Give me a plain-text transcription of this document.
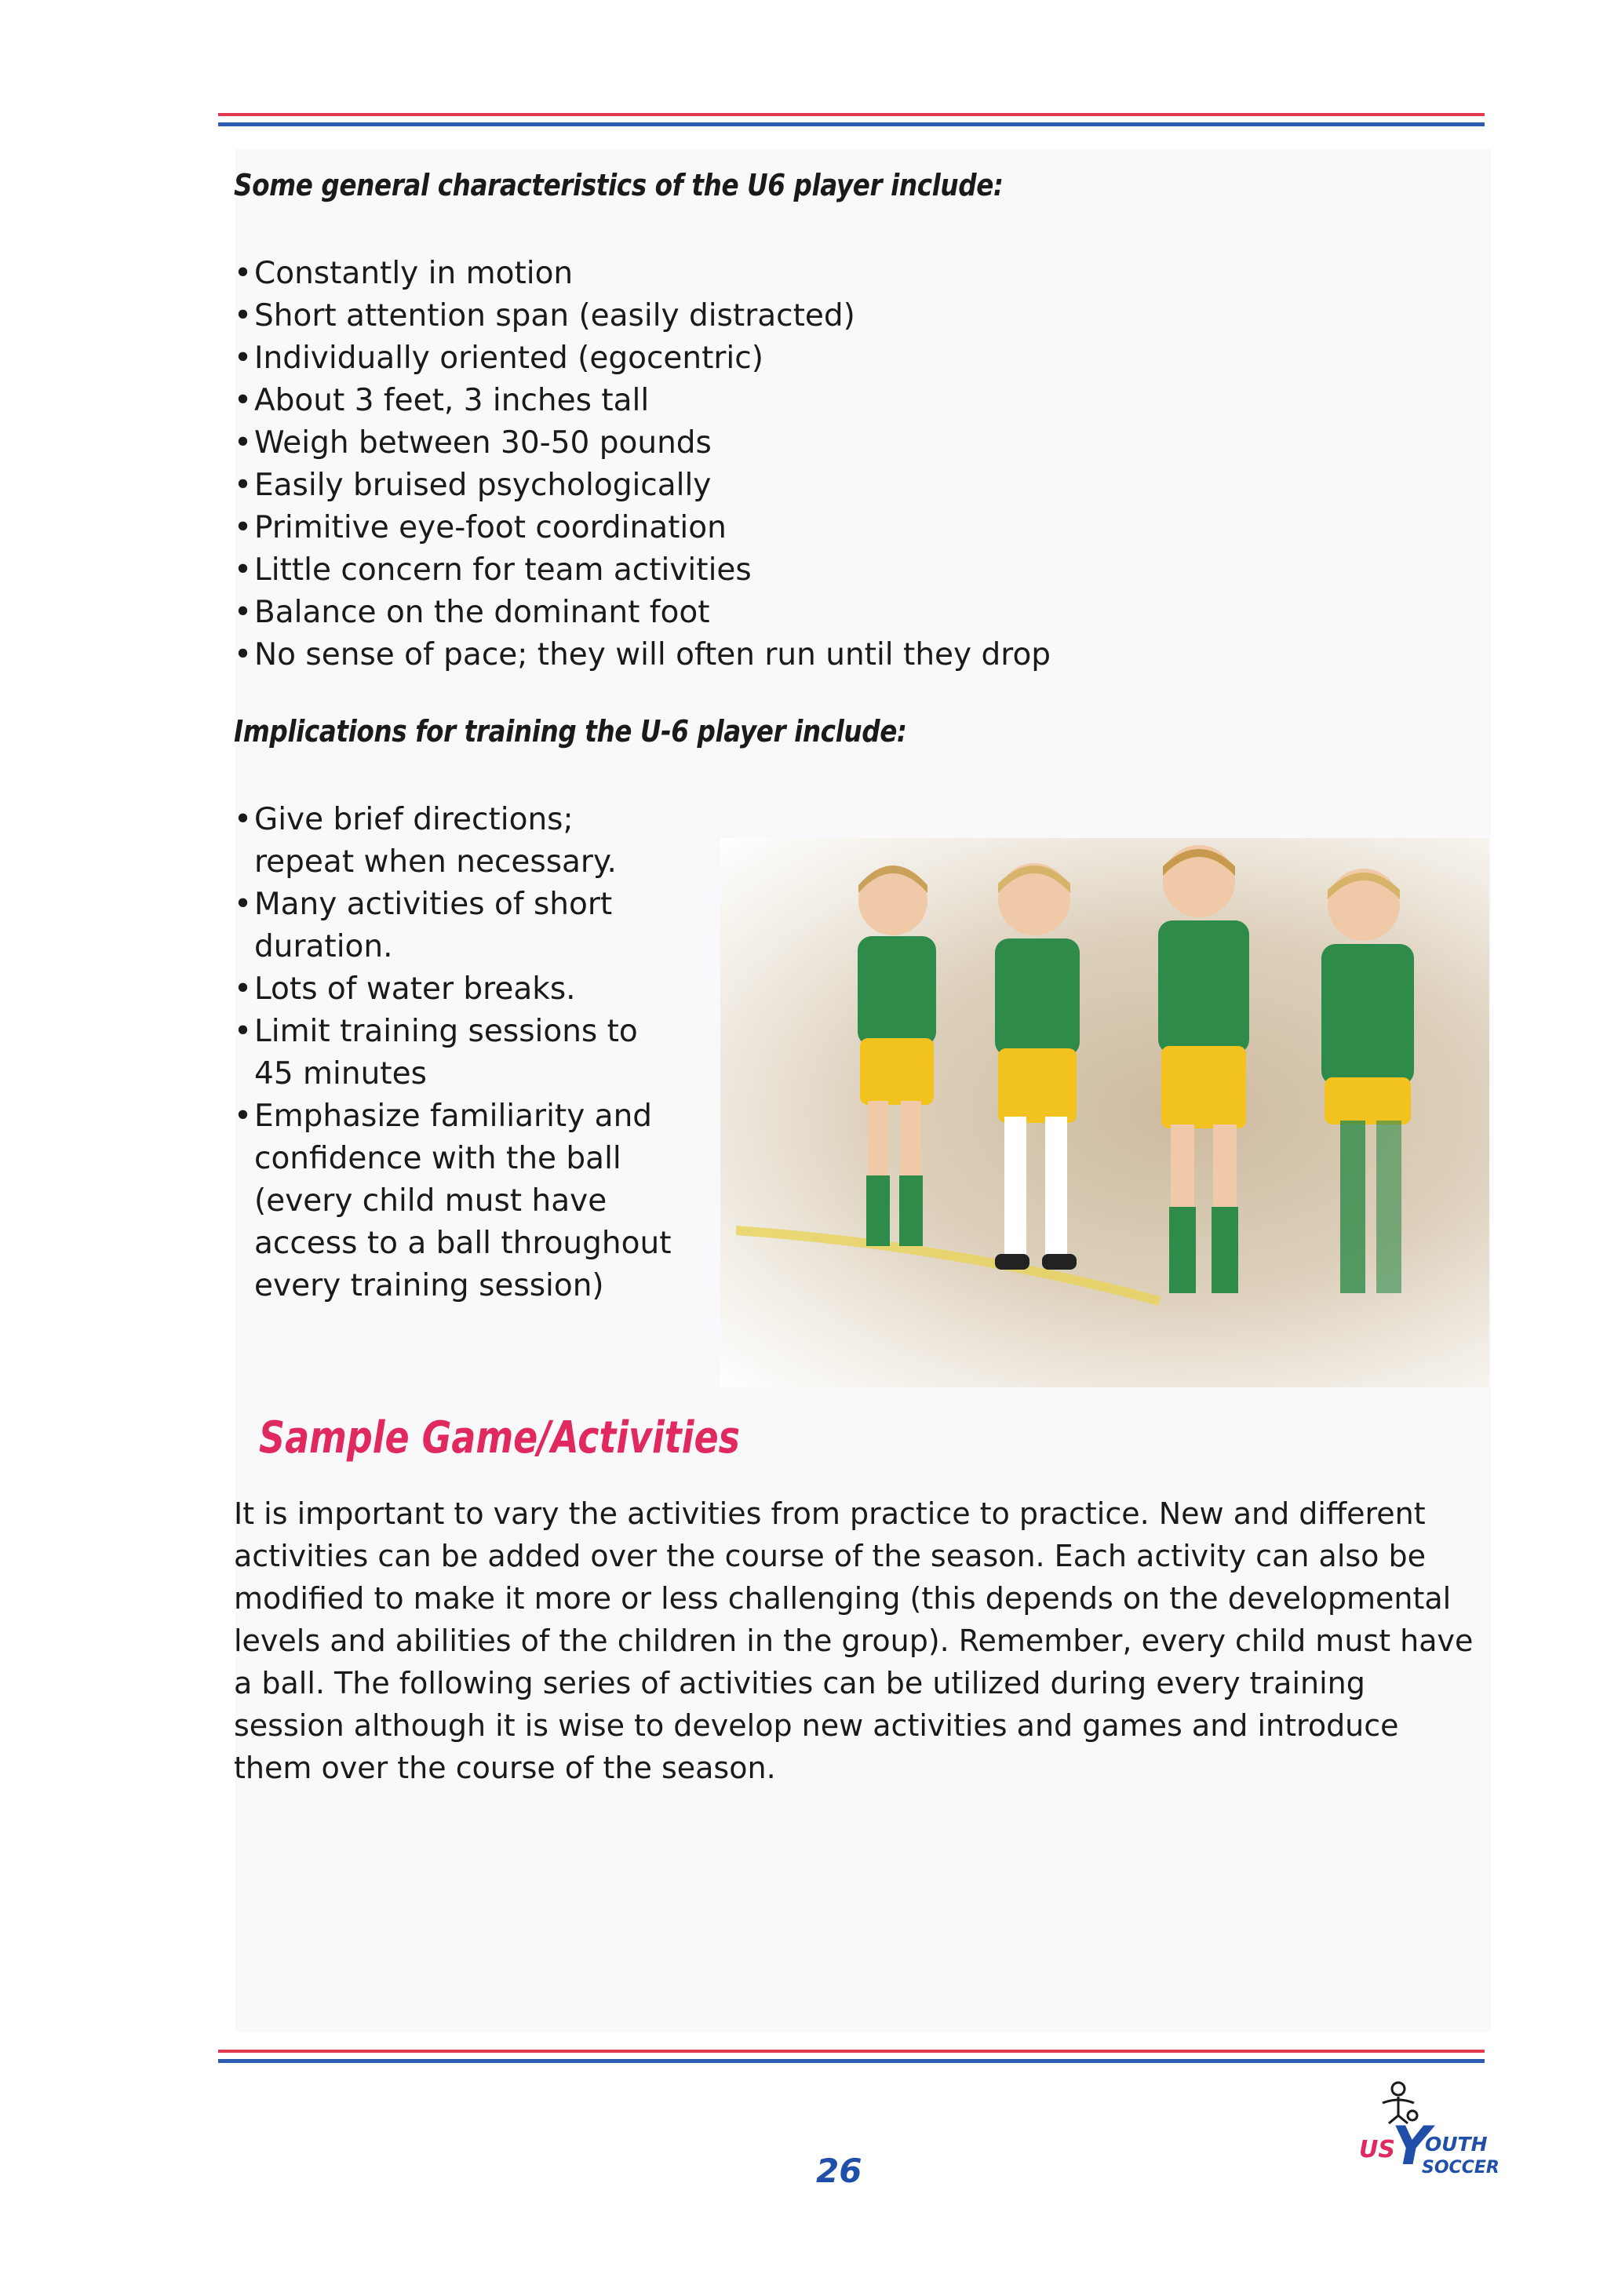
Some general characteristics of the U6 player include:
• Constantly in motion
• Short attention span (easily distracted)
• Individually oriented (egocentric)
• About 3 feet, 3 inches tall
• Weigh between 30-50 pounds
• Easily bruised psychologically
• Primitive eye-foot coordination
• Little concern for team activities
• Balance on the dominant foot
• No sense of pace; they will often run until they drop
Implications for training the U-6 player include:
• Give brief directions; repeat when necessary.
• Many activities of short duration.
• Lots of water breaks.
• Limit training sessions to 45 minutes
• Emphasize familiarity and confidence with the ball (every child must have access to a ball throughout every training session)
Sample Game/Activities

It is important to vary the activities from practice to practice. New and different activities can be added over the course of the season. Each activity can also be modified to make it more or less challenging (this depends on the developmental levels and abilities of the children in the group). Remember, every child must have a ball. The following series of activities can be utilized during every training session although it is wise to develop new activities and games and introduce them over the course of the season.

26
US
Y
OUTH
SOCCER
